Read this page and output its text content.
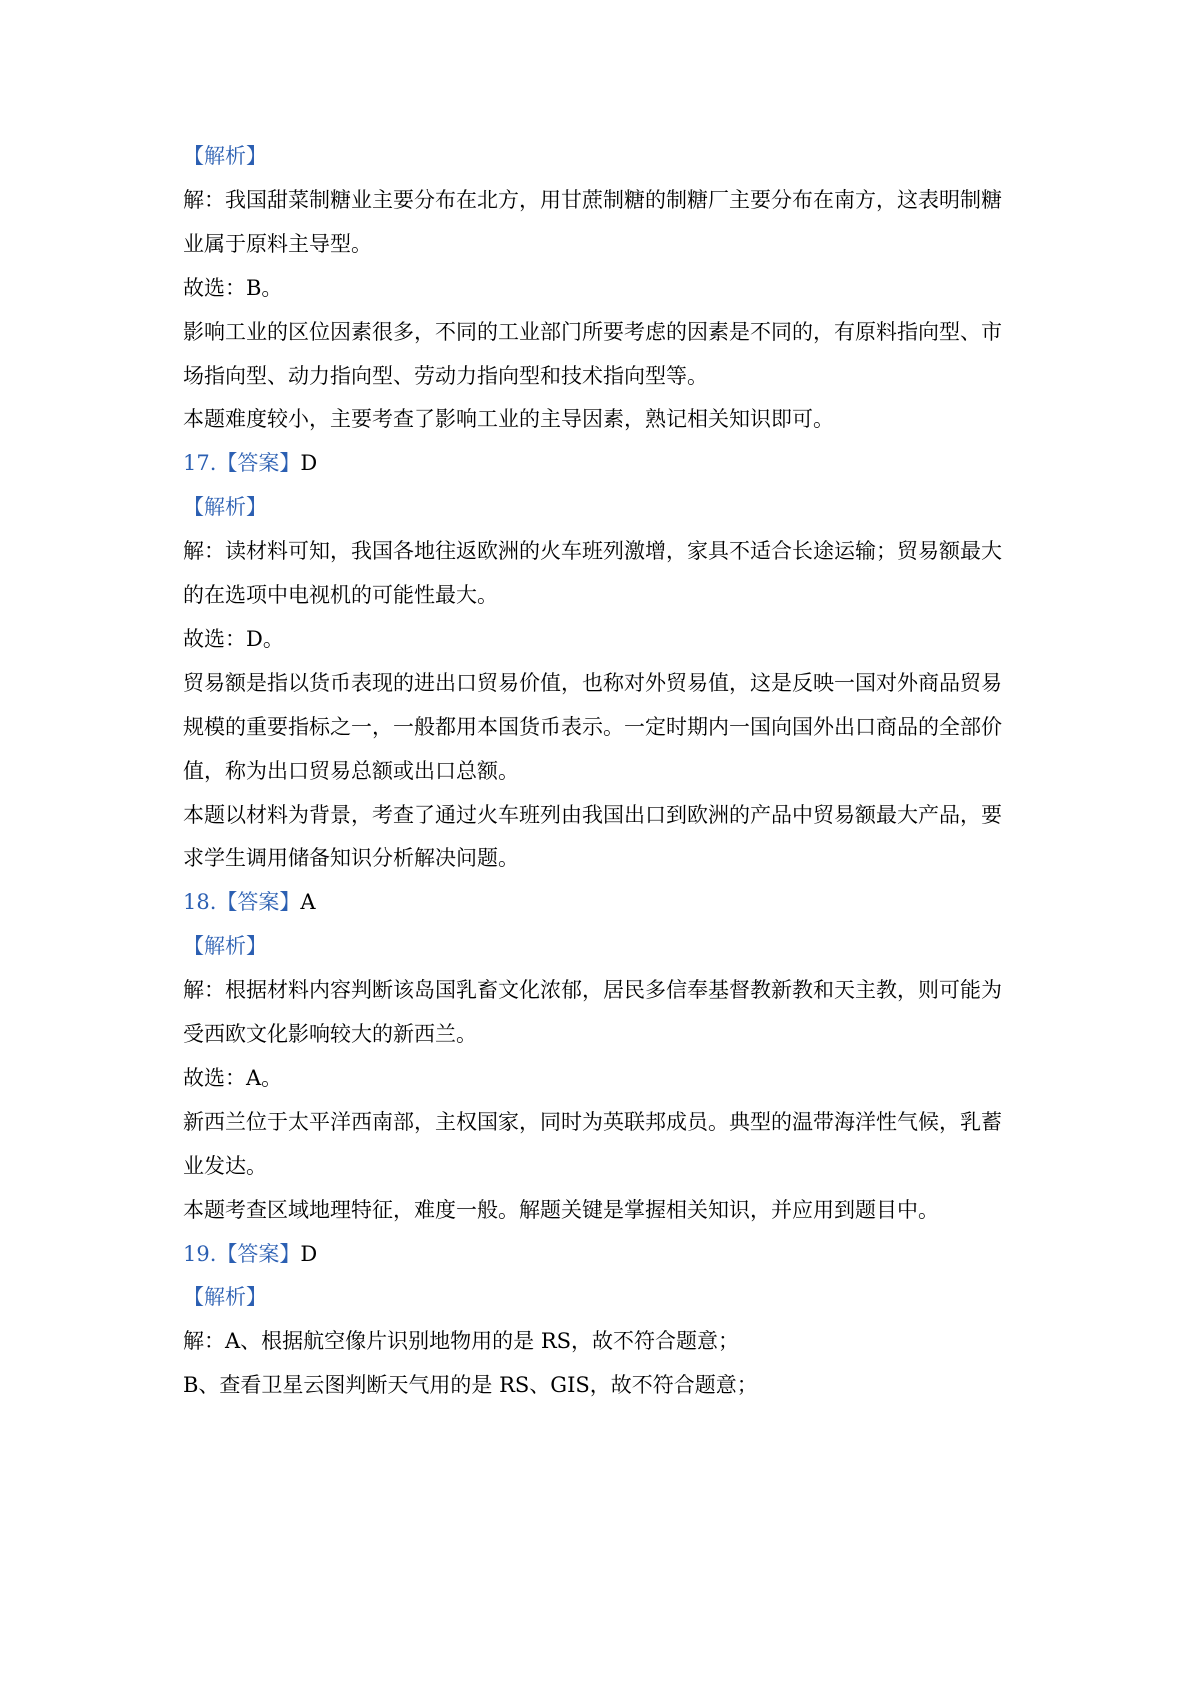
【解析】

解：我国甜菜制糖业主要分布在北方，用甘蔗制糖的制糖厂主要分布在南方，这表明制糖

业属于原料主导型。

故选：B。

影响工业的区位因素很多，不同的工业部门所要考虑的因素是不同的，有原料指向型、市

场指向型、动力指向型、劳动力指向型和技术指向型等。

本题难度较小，主要考查了影响工业的主导因素，熟记相关知识即可。

17.【答案】D

【解析】

解：读材料可知，我国各地往返欧洲的火车班列激增，家具不适合长途运输；贸易额最大

的在选项中电视机的可能性最大。

故选：D。

贸易额是指以货币表现的进出口贸易价值，也称对外贸易值，这是反映一国对外商品贸易

规模的重要指标之一，一般都用本国货币表示。一定时期内一国向国外出口商品的全部价

值，称为出口贸易总额或出口总额。

本题以材料为背景，考查了通过火车班列由我国出口到欧洲的产品中贸易额最大产品，要

求学生调用储备知识分析解决问题。

18.【答案】A

【解析】

解：根据材料内容判断该岛国乳畜文化浓郁，居民多信奉基督教新教和天主教，则可能为

受西欧文化影响较大的新西兰。

故选：A。

新西兰位于太平洋西南部，主权国家，同时为英联邦成员。典型的温带海洋性气候，乳蓄

业发达。

本题考查区域地理特征，难度一般。解题关键是掌握相关知识，并应用到题目中。

19.【答案】D

【解析】

解：A、根据航空像片识别地物用的是 RS，故不符合题意；

B、查看卫星云图判断天气用的是 RS、GIS，故不符合题意；
